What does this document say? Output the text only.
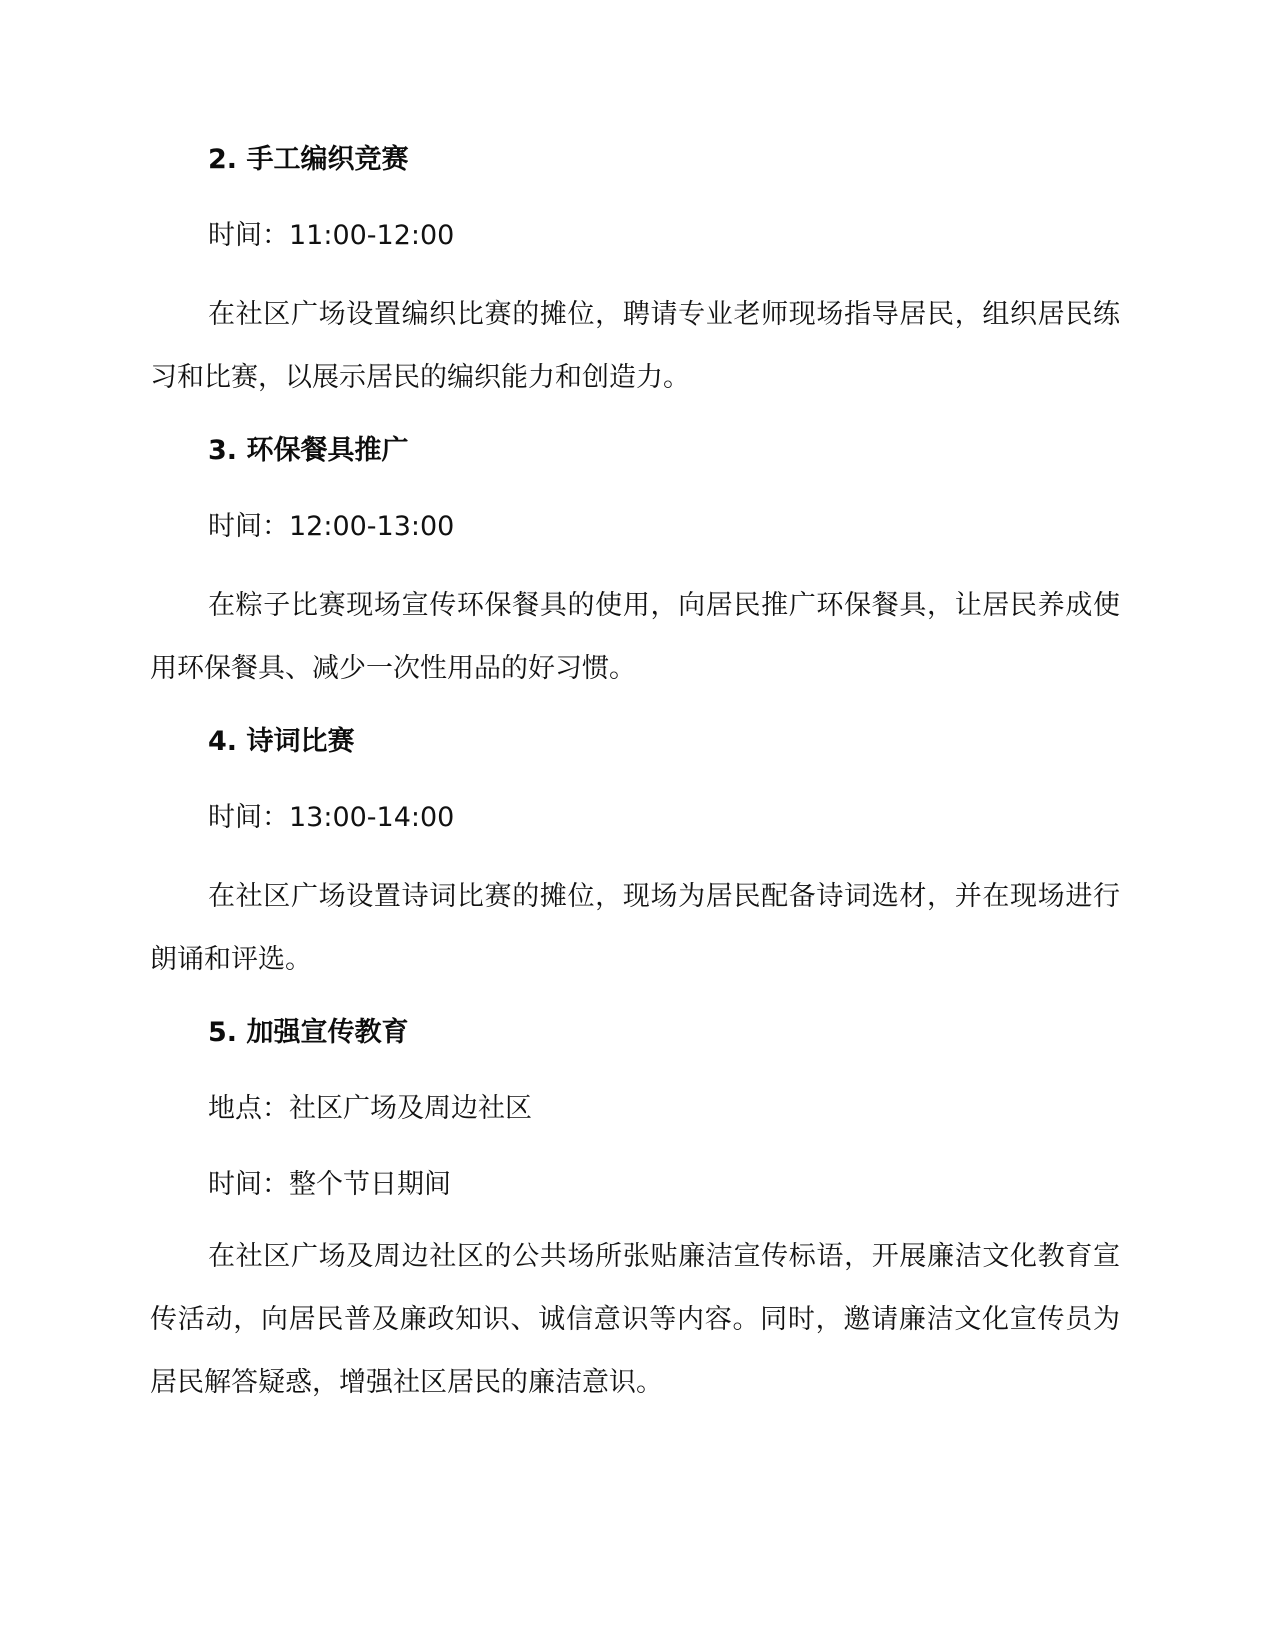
2. 手工编织竞赛

时间：11:00-12:00

在社区广场设置编织比赛的摊位，聘请专业老师现场指导居民，组织居民练习和比赛，以展示居民的编织能力和创造力。

3. 环保餐具推广

时间：12:00-13:00

在粽子比赛现场宣传环保餐具的使用，向居民推广环保餐具，让居民养成使用环保餐具、减少一次性用品的好习惯。

4. 诗词比赛

时间：13:00-14:00

在社区广场设置诗词比赛的摊位，现场为居民配备诗词选材，并在现场进行朗诵和评选。

5. 加强宣传教育

地点：社区广场及周边社区

时间：整个节日期间

在社区广场及周边社区的公共场所张贴廉洁宣传标语，开展廉洁文化教育宣传活动，向居民普及廉政知识、诚信意识等内容。同时，邀请廉洁文化宣传员为居民解答疑惑，增强社区居民的廉洁意识。
